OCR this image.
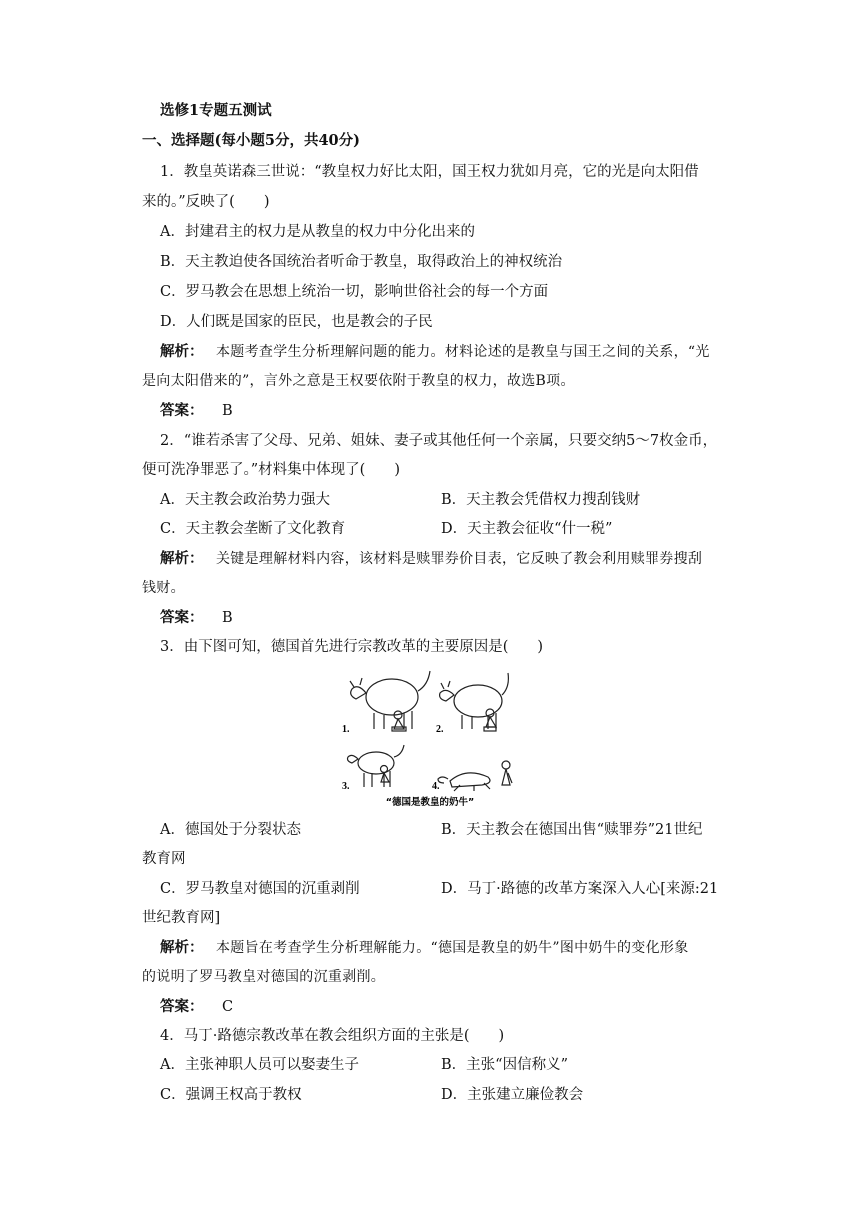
选修1专题五测试
一、选择题(每小题5分，共40分)
1．教皇英诺森三世说：“教皇权力好比太阳，国王权力犹如月亮，它的光是向太阳借
来的。”反映了(　　)
A．封建君主的权力是从教皇的权力中分化出来的
B．天主教迫使各国统治者听命于教皇，取得政治上的神权统治
C．罗马教会在思想上统治一切，影响世俗社会的每一个方面
D．人们既是国家的臣民，也是教会的子民
解析： 本题考查学生分析理解问题的能力。材料论述的是教皇与国王之间的关系，“光
是向太阳借来的”，言外之意是王权要依附于教皇的权力，故选B项。
答案： B
2．“谁若杀害了父母、兄弟、姐妹、妻子或其他任何一个亲属，只要交纳5～7枚金币，
便可洗净罪恶了。”材料集中体现了(　　)
A．天主教会政治势力强大	B．天主教会凭借权力搜刮钱财
C．天主教会垄断了文化教育	D．天主教会征收“什一税”
解析： 关键是理解材料内容，该材料是赎罪券价目表，它反映了教会利用赎罪券搜刮
钱财。
答案： B
3．由下图可知，德国首先进行宗教改革的主要原因是(　　)
1.	2.
3.	4.
“德国是教皇的奶牛”
A．德国处于分裂状态	B．天主教会在德国出售“赎罪券”21世纪
教育网
C．罗马教皇对德国的沉重剥削	D．马丁·路德的改革方案深入人心[来源:21
世纪教育网]
解析： 本题旨在考查学生分析理解能力。“德国是教皇的奶牛”图中奶牛的变化形象
的说明了罗马教皇对德国的沉重剥削。
答案： C
4．马丁·路德宗教改革在教会组织方面的主张是(　　)
A．主张神职人员可以娶妻生子	B．主张“因信称义”
C．强调王权高于教权	D．主张建立廉俭教会
